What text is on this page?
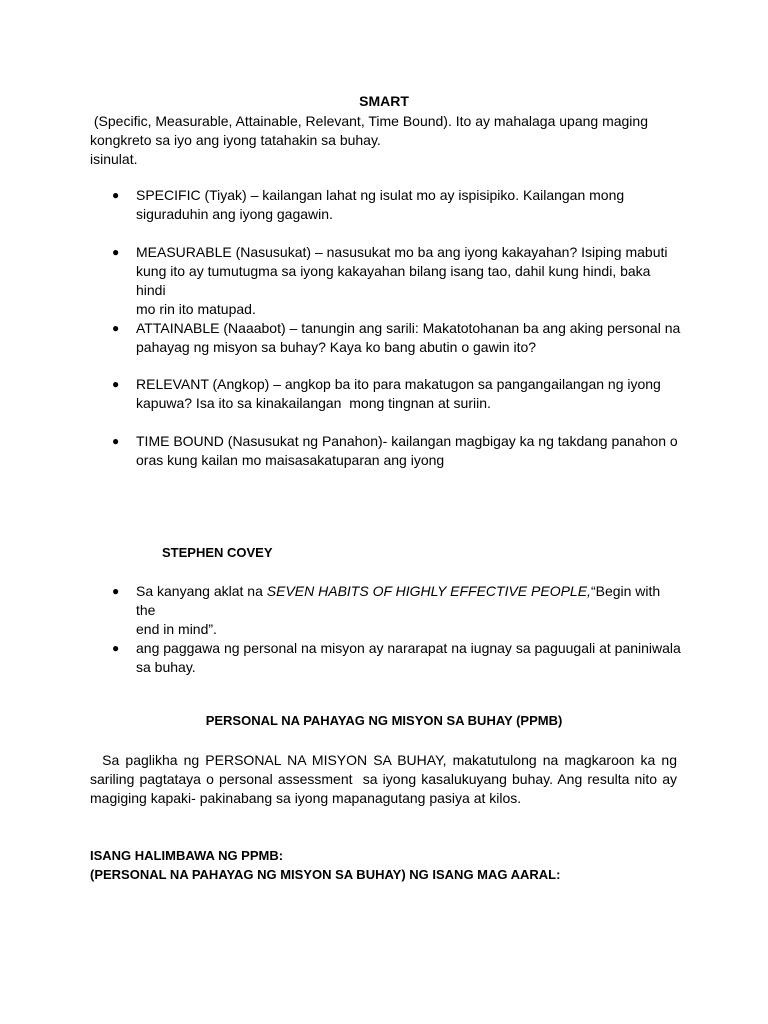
SMART
(Specific, Measurable, Attainable, Relevant, Time Bound). Ito ay mahalaga upang maging
kongkreto sa iyo ang iyong tatahakin sa buhay.
isinulat.
● SPECIFIC (Tiyak) – kailangan lahat ng isulat mo ay ispisipiko. Kailangan mong
siguraduhin ang iyong gagawin.
● MEASURABLE (Nasusukat) – nasusukat mo ba ang iyong kakayahan? Isiping mabuti
kung ito ay tumutugma sa iyong kakayahan bilang isang tao, dahil kung hindi, baka hindi
mo rin ito matupad.
● ATTAINABLE (Naaabot) – tanungin ang sarili: Makatotohanan ba ang aking personal na
pahayag ng misyon sa buhay? Kaya ko bang abutin o gawin ito?
● RELEVANT (Angkop) – angkop ba ito para makatugon sa pangangailangan ng iyong
kapuwa? Isa ito sa kinakailangan  mong tingnan at suriin.
● TIME BOUND (Nasusukat ng Panahon)- kailangan magbigay ka ng takdang panahon o
oras kung kailan mo maisasakatuparan ang iyong
STEPHEN COVEY
● Sa kanyang aklat na SEVEN HABITS OF HIGHLY EFFECTIVE PEOPLE,“Begin with the
end in mind”.
● ang paggawa ng personal na misyon ay nararapat na iugnay sa paguugali at paniniwala
sa buhay.
PERSONAL NA PAHAYAG NG MISYON SA BUHAY (PPMB)
Sa paglikha ng PERSONAL NA MISYON SA BUHAY, makatutulong na magkaroon ka ng
sariling pagtataya o personal assessment  sa iyong kasalukuyang buhay. Ang resulta nito ay
magiging kapaki- pakinabang sa iyong mapanagutang pasiya at kilos.
ISANG HALIMBAWA NG PPMB:
(PERSONAL NA PAHAYAG NG MISYON SA BUHAY) NG ISANG MAG AARAL:
